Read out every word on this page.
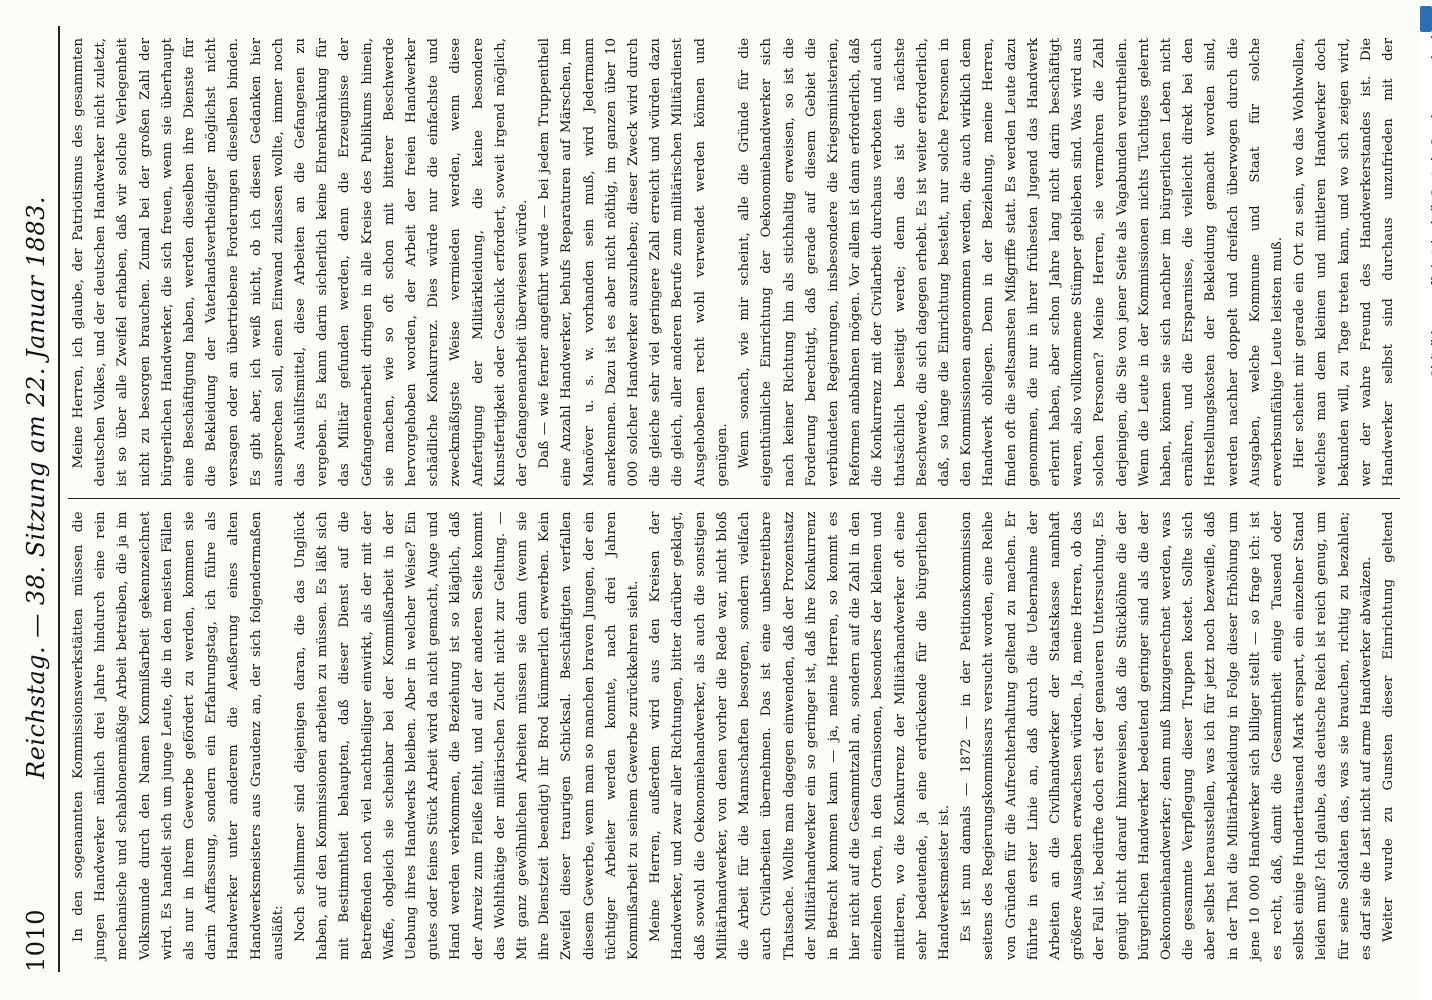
1010
Reichstag. — 38. Sitzung am 22. Januar 1883. In den sogenannten Kommissionswerkstätten müssen die jungen Handwerker nämlich drei Jahre hindurch eine rein mechanische und schablonenmäßige Arbeit betreiben, die ja im Volksmunde durch den Namen Kommißarbeit gekennzeichnet wird. Es handelt sich um junge Leute, die in den meisten Fällen als nur in ihrem Gewerbe gefördert zu werden, kommen sie darin Auffassung, sondern ein Erfahrungstag, ich führe als Handwerker unter anderem die Aeußerung eines alten Handwerksmeisters aus Graudenz an, der sich folgendermaßen ausläßt: Noch schlimmer sind diejenigen daran, die das Unglück haben, auf den Kommissionen arbeiten zu müssen. Es läßt sich mit Bestimmtheit behaupten, daß dieser Dienst auf die Betreffenden noch viel nachtheiliger einwirkt, als der mit der Waffe, obgleich sie scheinbar bei der Kommißarbeit in der Uebung ihres Handwerks bleiben. Aber in welcher Weise? Ein gutes oder feines Stück Arbeit wird da nicht gemacht, Auge und Hand werden verkommen, die Beziehung ist so kläglich, daß der Anreiz zum Fleiße fehlt, und auf der anderen Seite kommt das Wohlthätige der militärischen Zucht nicht zur Geltung. — Mit ganz gewöhnlichen Arbeiten müssen sie dann (wenn sie ihre Dienstzeit beendigt) ihr Brod kümmerlich erwerben. Kein Zweifel dieser traurigen Schicksal. Beschäftigten verfallen diesem Gewerbe, wenn man so manchen braven Jungen, der ein tüchtiger Arbeiter werden konnte, nach drei Jahren Kommißarbeit zu seinem Gewerbe zurückkehren sieht. Meine Herren, außerdem wird aus den Kreisen der Handwerker, und zwar aller Richtungen, bitter darüber geklagt, daß sowohl die Oekonomiehandwerker, als auch die sonstigen Militärhandwerker, von denen vorher die Rede war, nicht bloß die Arbeit für die Mannschaften besorgen, sondern vielfach auch Civilarbeiten übernehmen. Das ist eine unbestreitbare Thatsache. Wollte man dagegen einwenden, daß der Prozentsatz der Militärhandwerker ein so geringer ist, daß ihre Konkurrenz in Betracht kommen kann — ja, meine Herren, so kommt es hier nicht auf die Gesammtzahl an, sondern auf die Zahl in den einzelnen Orten, in den Garnisonen, besonders der kleinen und mittleren, wo die Konkurrenz der Militärhandwerker oft eine sehr bedeutende, ja eine erdrückende für die bürgerlichen Handwerksmeister ist. Es ist nun damals — 1872 — in der Petitionskommission seitens des Regierungskommissars versucht worden, eine Reihe von Gründen für die Aufrechterhaltung geltend zu machen. Er führte in erster Linie an, daß durch die Uebernahme der Arbeiten an die Civilhandwerker der Staatskasse namhaft größere Ausgaben erwachsen würden. Ja, meine Herren, ob das der Fall ist, bedürfte doch erst der genaueren Untersuchung. Es genügt nicht darauf hinzuweisen, daß die Stücklöhne die der bürgerlichen Handwerker bedeutend geringer sind als die der Oekonomiehandwerker; denn muß hinzugerechnet werden, was die gesammte Verpflegung dieser Truppen kostet. Sollte sich aber selbst herausstellen, was ich für jetzt noch bezweifle, daß in der That die Militärbekleidung in Folge dieser Erhöhung um jene 10 000 Handwerker sich billiger stellt — so frage ich: ist es recht, daß, damit die Gesammtheit einige Tausend oder selbst einige Hunderttausend Mark erspart, ein einzelner Stand leiden muß? Ich glaube, das deutsche Reich ist reich genug, um für seine Soldaten das, was sie brauchen, richtig zu bezahlen; es darf sie die Last nicht auf arme Handwerker abwälzen. Weiter wurde zu Gunsten dieser Einrichtung geltend

Meine Herren, ich glaube, der Patriotismus des gesammten deutschen Volkes, und der deutschen Handwerker nicht zuletzt, ist so über alle Zweifel erhaben, daß wir solche Verlegenheit nicht zu besorgen brauchen. Zumal bei der großen Zahl der bürgerlichen Handwerker, die sich freuen, wenn sie überhaupt eine Beschäftigung haben, werden dieselben ihre Dienste für die Bekleidung der Vaterlandsvertheidiger möglichst nicht versagen oder an übertriebene Forderungen dieselben binden. Es gibt aber, ich weiß nicht, ob ich diesen Gedanken hier aussprechen soll, einen Einwand zulassen wollte, immer noch das Aushülfsmittel, diese Arbeiten an die Gefangenen zu vergeben. Es kann darin sicherlich keine Ehrenkränkung für das Militär gefunden werden, denn die Erzeugnisse der Gefangenenarbeit dringen in alle Kreise des Publikums hinein, sie machen, wie so oft schon mit bitterer Beschwerde hervorgehoben worden, der Arbeit der freien Handwerker schädliche Konkurrenz. Dies würde nur die einfachste und zweckmäßigste Weise vermieden werden, wenn diese Anfertigung der Militärkleidung, die keine besondere Kunstfertigkeit oder Geschick erfordert, soweit irgend möglich, der Gefangenenarbeit überwiesen würde. Daß — wie ferner angeführt wurde — bei jedem Truppentheil eine Anzahl Handwerker, behufs Reparaturen auf Märschen, im Manöver u. s. w. vorhanden sein muß, wird Jedermann anerkennen. Dazu ist es aber nicht nöthig, im ganzen über 10 000 solcher Handwerker auszuheben; dieser Zweck wird durch die gleiche sehr viel geringere Zahl erreicht und würden dazu die gleich, aller anderen Berufe zum militärischen Militärdienst Ausgehobenen recht wohl verwendet werden können und genügen. Wenn sonach, wie mir scheint, alle die Gründe für die eigenthümliche Einrichtung der Oekonomiehandwerker sich nach keiner Richtung hin als stichhaltig erweisen, so ist die Forderung berechtigt, daß gerade auf diesem Gebiet die verbündeten Regierungen, insbesondere die Kriegsministerien, Reformen anbahnen mögen. Vor allem ist dann erforderlich, daß die Konkurrenz mit der Civilarbeit durchaus verboten und auch thatsächlich beseitigt werde; denn das ist die nächste Beschwerde, die sich dagegen erhebt. Es ist weiter erforderlich, daß, so lange die Einrichtung besteht, nur solche Personen in den Kommissionen angenommen werden, die auch wirklich dem Handwerk obliegen. Denn in der Beziehung, meine Herren, finden oft die seltsamsten Mißgriffe statt. Es werden Leute dazu genommen, die nur in ihrer frühesten Jugend das Handwerk erlernt haben, aber schon Jahre lang nicht darin beschäftigt waren, also vollkommene Stümper geblieben sind. Was wird aus solchen Personen? Meine Herren, sie vermehren die Zahl derjenigen, die Sie von jener Seite als Vagabunden verurtheilen. Wenn die Leute in der Kommissionen nichts Tüchtiges gelernt haben, können sie sich nachher im bürgerlichen Leben nicht ernähren, und die Ersparnisse, die vielleicht direkt bei den Herstellungskosten der Bekleidung gemacht worden sind, werden nachher doppelt und dreifach überwogen durch die Ausgaben, welche Kommune und Staat für solche erwerbsunfähige Leute leisten muß. Hier scheint mir gerade ein Ort zu sein, wo das Wohlwollen, welches man dem kleinen und mittleren Handwerker doch bekunden will, zu Tage treten kann, und wo sich zeigen wird, wer der wahre Freund des Handwerkerstandes ist. Die Handwerker selbst sind durchaus unzufrieden mit der
